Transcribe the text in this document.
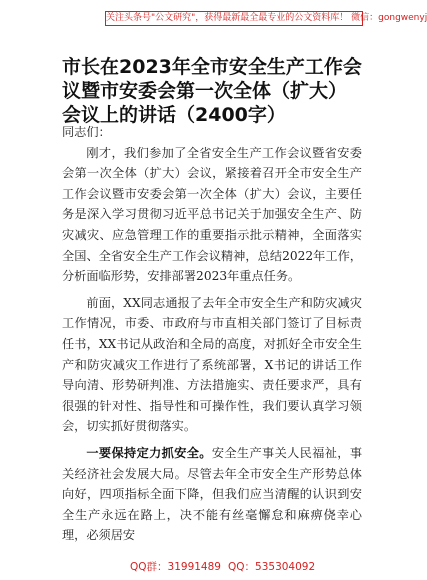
关注头条号"公文研究"，获得最新最全最专业的公文资料库！ 微信：gongwenyj
市长在2023年全市安全生产工作会议暨市安委会第一次全体（扩大）会议上的讲话（2400字）

同志们：

刚才，我们参加了全省安全生产工作会议暨省安委会第一次全体（扩大）会议，紧接着召开全市安全生产工作会议暨市安委会第一次全体（扩大）会议，主要任务是深入学习贯彻习近平总书记关于加强安全生产、防灾减灾、应急管理工作的重要指示批示精神，全面落实全国、全省安全生产工作会议精神，总结2022年工作，分析面临形势，安排部署2023年重点任务。

前面，XX同志通报了去年全市安全生产和防灾减灾工作情况，市委、市政府与市直相关部门签订了目标责任书，XX书记从政治和全局的高度，对抓好全市安全生产和防灾减灾工作进行了系统部署，X书记的讲话工作导向清、形势研判准、方法措施实、责任要求严，具有很强的针对性、指导性和可操作性，我们要认真学习领会，切实抓好贯彻落实。

一要保持定力抓安全。安全生产事关人民福祉，事关经济社会发展大局。尽管去年全市安全生产形势总体向好，四项指标全面下降，但我们应当清醒的认识到安全生产永远在路上，决不能有丝毫懈怠和麻痹侥幸心理，必须居安

QQ群：31991489 QQ：535304092
